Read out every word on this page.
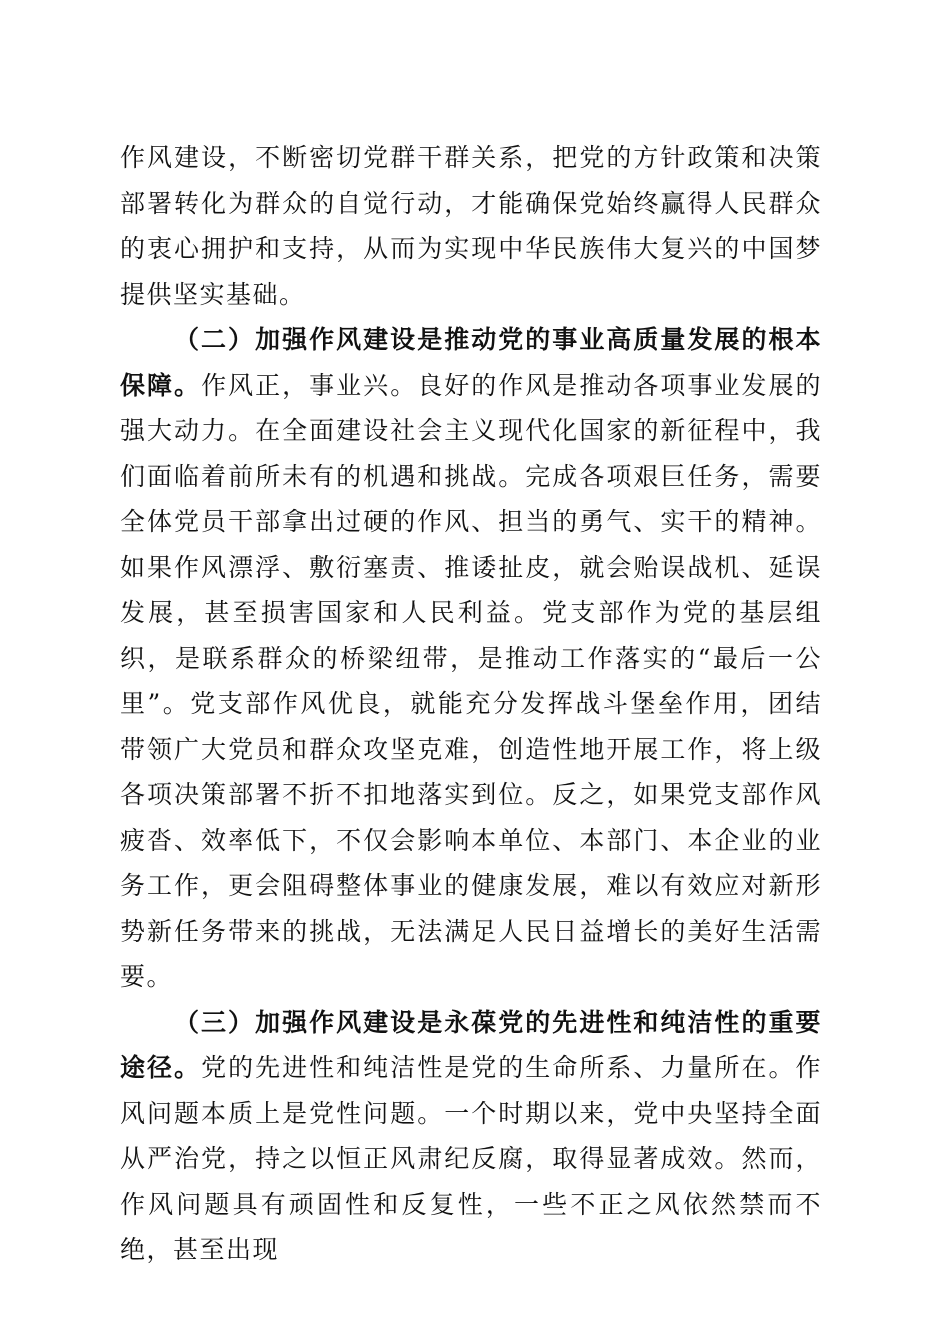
作风建设，不断密切党群干群关系，把党的方针政策和决策部署转化为群众的自觉行动，才能确保党始终赢得人民群众的衷心拥护和支持，从而为实现中华民族伟大复兴的中国梦提供坚实基础。

（二）加强作风建设是推动党的事业高质量发展的根本保障。作风正，事业兴。良好的作风是推动各项事业发展的强大动力。在全面建设社会主义现代化国家的新征程中，我们面临着前所未有的机遇和挑战。完成各项艰巨任务，需要全体党员干部拿出过硬的作风、担当的勇气、实干的精神。如果作风漂浮、敷衍塞责、推诿扯皮，就会贻误战机、延误发展，甚至损害国家和人民利益。党支部作为党的基层组织，是联系群众的桥梁纽带，是推动工作落实的“最后一公里”。党支部作风优良，就能充分发挥战斗堡垒作用，团结带领广大党员和群众攻坚克难，创造性地开展工作，将上级各项决策部署不折不扣地落实到位。反之，如果党支部作风疲沓、效率低下，不仅会影响本单位、本部门、本企业的业务工作，更会阻碍整体事业的健康发展，难以有效应对新形势新任务带来的挑战，无法满足人民日益增长的美好生活需要。

（三）加强作风建设是永葆党的先进性和纯洁性的重要途径。党的先进性和纯洁性是党的生命所系、力量所在。作风问题本质上是党性问题。一个时期以来，党中央坚持全面从严治党，持之以恒正风肃纪反腐，取得显著成效。然而，作风问题具有顽固性和反复性，一些不正之风依然禁而不绝，甚至出现
